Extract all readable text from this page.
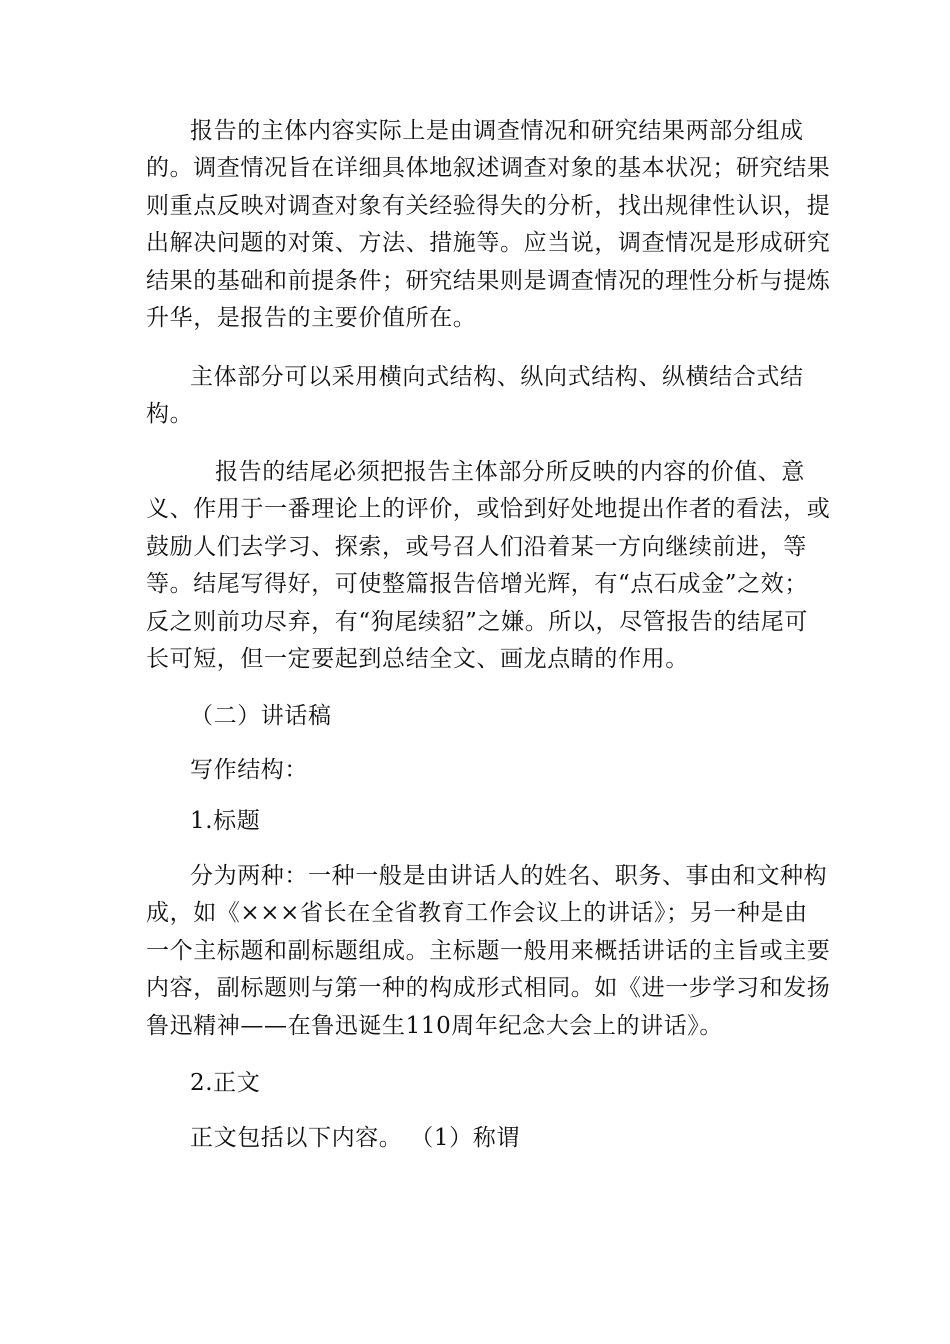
报告的主体内容实际上是由调查情况和研究结果两部分组成
的。调查情况旨在详细具体地叙述调查对象的基本状况；研究结果
则重点反映对调查对象有关经验得失的分析，找出规律性认识，提
出解决问题的对策、方法、措施等。应当说，调查情况是形成研究
结果的基础和前提条件；研究结果则是调查情况的理性分析与提炼
升华，是报告的主要价值所在。
主体部分可以采用横向式结构、纵向式结构、纵横结合式结
构。
报告的结尾必须把报告主体部分所反映的内容的价值、意
义、作用于一番理论上的评价，或恰到好处地提出作者的看法，或
鼓励人们去学习、探索，或号召人们沿着某一方向继续前进，等
等。结尾写得好，可使整篇报告倍增光辉，有“点石成金”之效；
反之则前功尽弃，有“狗尾续貂”之嫌。所以，尽管报告的结尾可
长可短，但一定要起到总结全文、画龙点睛的作用。
（二）讲话稿
写作结构：
1.标题
分为两种：一种一般是由讲话人的姓名、职务、事由和文种构
成，如《×××省长在全省教育工作会议上的讲话》；另一种是由
一个主标题和副标题组成。主标题一般用来概括讲话的主旨或主要
内容，副标题则与第一种的构成形式相同。如《进一步学习和发扬
鲁迅精神——在鲁迅诞生110周年纪念大会上的讲话》。
2.正文
正文包括以下内容。 （1）称谓
